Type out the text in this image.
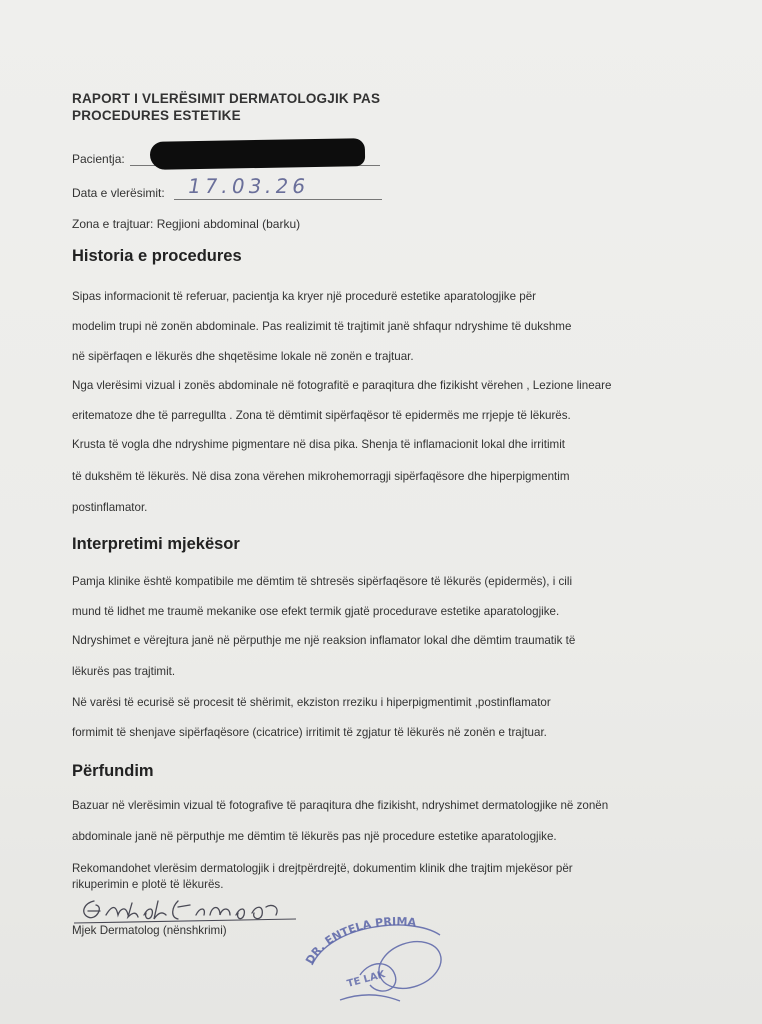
RAPORT I VLERËSIMIT DERMATOLOGJIK PAS
PROCEDURES ESTETIKE
Pacientja:
Data e vlerësimit: 17.03.26
Zona e trajtuar: Regjioni abdominal (barku)
Historia e procedures
Sipas informacionit të referuar, pacientja ka kryer një procedurë estetike aparatologjike për
modelim trupi në zonën abdominale. Pas realizimit të trajtimit janë shfaqur ndryshime të dukshme
në sipërfaqen e lëkurës dhe shqetësime lokale në zonën e trajtuar.
Nga vlerësimi vizual i zonës abdominale në fotografitë e paraqitura dhe fizikisht vërehen , Lezione lineare
eritematoze dhe të parregullta . Zona të dëmtimit sipërfaqësor të epidermës me rrjepje të lëkurës.
Krusta të vogla dhe ndryshime pigmentare në disa pika. Shenja të inflamacionit lokal dhe irritimit
të dukshëm të lëkurës. Në disa zona vërehen mikrohemorragji sipërfaqësore dhe hiperpigmentim
postinflamator.
Interpretimi mjekësor
Pamja klinike është kompatibile me dëmtim të shtresës sipërfaqësore të lëkurës (epidermës), i cili
mund të lidhet me traumë mekanike ose efekt termik gjatë procedurave estetike aparatologjike.
Ndryshimet e vërejtura janë në përputhje me një reaksion inflamator lokal dhe dëmtim traumatik të
lëkurës pas trajtimit.
Në varësi të ecurisë së procesit të shërimit, ekziston rreziku i hiperpigmentimit ,postinflamator
formimit të shenjave sipërfaqësore (cicatrice) irritimit të zgjatur të lëkurës në zonën e trajtuar.
Përfundim
Bazuar në vlerësimin vizual të fotografive të paraqitura dhe fizikisht, ndryshimet dermatologjike në zonën
abdominale janë në përputhje me dëmtim të lëkurës pas një procedure estetike aparatologjike.
Rekomandohet vlerësim dermatologjik i drejtpërdrejtë, dokumentim klinik dhe trajtim mjekësor për
rikuperimin e plotë të lëkurës.
Mjek Dermatolog (nënshkrimi)
DR. ENTELA PRIMA
TE LAK
